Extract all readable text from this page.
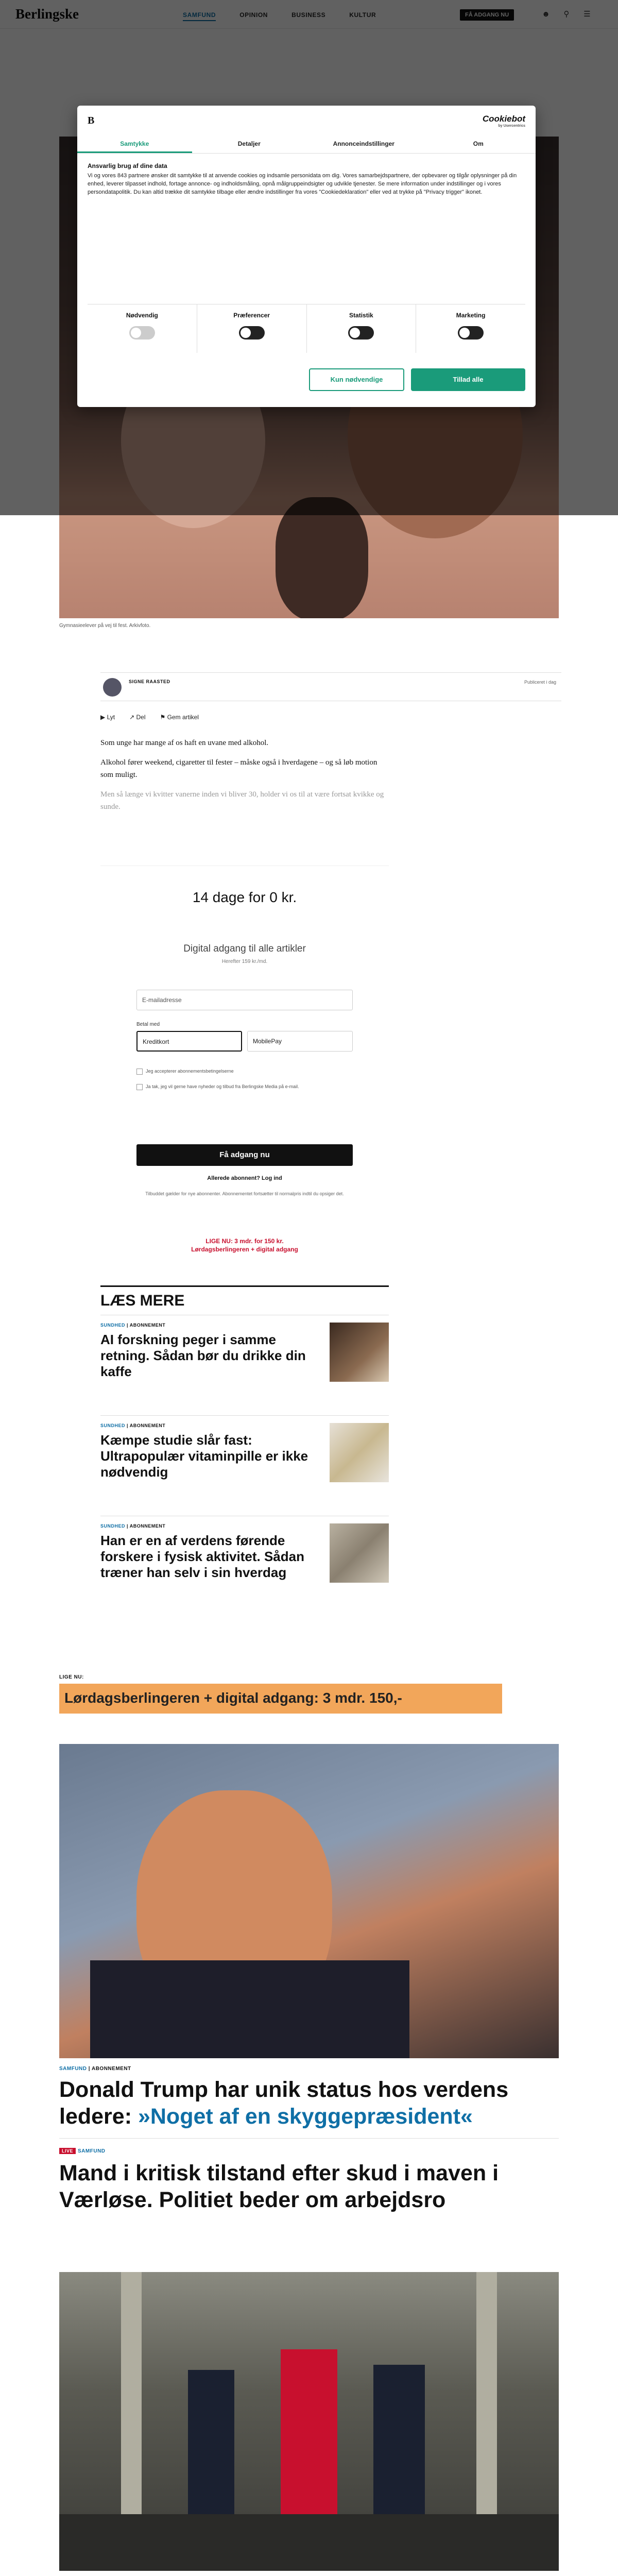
Gymnasieelever på vej til fest. Arkivfoto.
SIGNE RAASTED	Publiceret i dag
▶ Lyt ↗ Del ⚑ Gem artikel

Som unge har mange af os haft en uvane med alkohol.

Alkohol fører weekend, cigaretter til fester – måske også i hverdagene – og så løb motion som muligt.

Men så længe vi kvitter vanerne inden vi bliver 30, holder vi os til at være fortsat kvikke og sunde.

14 dage for 0 kr.
Digital adgang til alle artikler
Herefter 159 kr./md.
E-mailadresse
Betal med
Kreditkort	MobilePay
Jeg accepterer abonnementsbetingelserne
Ja tak, jeg vil gerne have nyheder og tilbud fra Berlingske Media på e-mail.
Få adgang nu
Allerede abonnent? Log ind
Tilbuddet gælder for nye abonnenter. Abonnementet fortsætter til normalpris indtil du opsiger det.
LIGE NU: 3 mdr. for 150 kr.
Lørdagsberlingeren + digital adgang
LÆS MERE
SUNDHED | ABONNEMENT
AI forskning peger i samme retning. Sådan bør du drikke din kaffe
SUNDHED | ABONNEMENT
Kæmpe studie slår fast: Ultrapopulær vitaminpille er ikke nødvendig
SUNDHED | ABONNEMENT
Han er en af verdens førende forskere i fysisk aktivitet. Sådan træner han selv i sin hverdag
LIGE NU:
Lørdagsberlingeren + digital adgang: 3 mdr. 150,-
SAMFUND | ABONNEMENT
Donald Trump har unik status hos verdens ledere: »Noget af en skyggepræsident«
LIVE SAMFUND
Mand i kritisk tilstand efter skud i maven i Værløse. Politiet beder om arbejdsro
B	Cookiebot
by Usercentrics
Samtykke	Detaljer	Annonceindstillinger	Om
Ansvarlig brug af dine data
Vi og vores 843 partnere ønsker dit samtykke til at anvende cookies og indsamle personidata om dig. Vores samarbejdspartnere, der opbevarer og tilgår oplysninger på din enhed, leverer tilpasset indhold, fortage annonce- og indholdsmåling, opnå målgruppeindsigter og udvikle tjenester. Se mere information under indstillinger og i vores persondatapolitik. Du kan altid trække dit samtykke tilbage eller ændre indstillinger fra vores "Cookiedeklaration" eller ved at trykke på "Privacy trigger" ikonet.
Nødvendig	Præferencer	Statistik	Marketing
Kun nødvendige	Tillad alle
